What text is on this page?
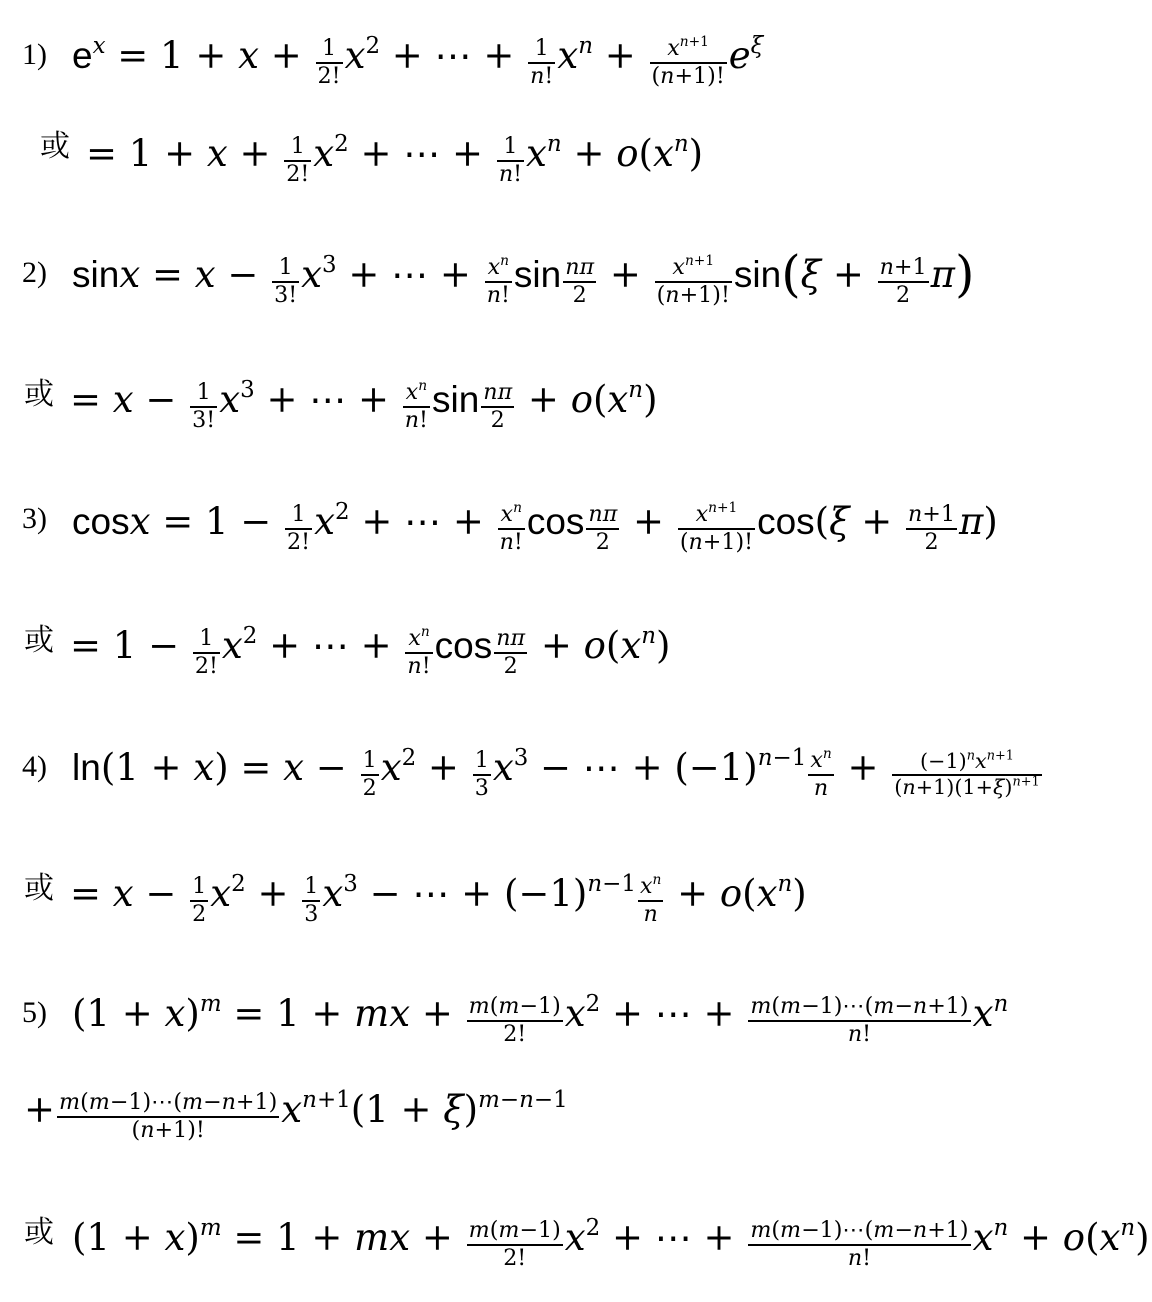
1) $e^x = 1 + x + \frac{1}{2!} x^2$ + ⋯ + $\frac{1}{n!} x^n + \frac{x^{n+1}}{(n+1)!} e^\xi$
或 = $1 + x + \frac{1}{2!} x^2$ + ⋯ + $\frac{1}{n!} x^n + o(x^n)$
2) $\sin x = x - \frac{1}{3!} x^3$ + ⋯ + $\frac{x^n}{n!}$ $\sin \frac{n\pi}{2} + \frac{x^{n+1}}{(n+1)!} \sin(\xi + \frac{n+1}{2} \pi)$
或 = $x - \frac{1}{3!} x^3$ + ⋯ + $\frac{x^n}{n!}$ $\sin \frac{n\pi}{2} + o(x^n)$
3) $\cos x = 1 - \frac{1}{2!} x^2$ + ⋯ + $\frac{x^n}{n!}$ $\cos \frac{n\pi}{2} + \frac{x^{n+1}}{(n+1)!} \cos(\xi + \frac{n+1}{2} \pi)$
或 = $1 - \frac{1}{2!} x^2$ + ⋯ + $\frac{x^n}{n!}$ $\cos \frac{n\pi}{2} + o(x^n)$
4) $\ln(1 + x) = x - \frac{1}{2} x^2 + \frac{1}{3} x^3$ − ⋯ + $(-1)^{n-1} \frac{x^n}{n}$ +	$(-1)^nx^{n+1}$
$(n+1)(1+\xi)^{n+1}$
或 = $x - \frac{1}{2} x^2 + \frac{1}{3} x^3$ − ⋯ + $(-1)^{n-1} \frac{x^n}{n} + o(x^n)$
5) $(1 + x)^m = 1$ + mx + $\frac{m(m-1)}{2!} x^2$ + ⋯ + $\frac{m(m-1)\cdots(m-n+1)}{n!} x^n$
+ $\frac{m(m-1)\cdots(m-n+1)}{(n+1)!} x^{n+1}(1 + \xi)^{m-n-1}$
或 $(1 + x)^m = 1$ + mx + $\frac{m(m-1)}{2!} x^2$ + ⋯ + $\frac{m(m-1)\cdots(m-n+1)}{n!} x^n + o(x^n)$
